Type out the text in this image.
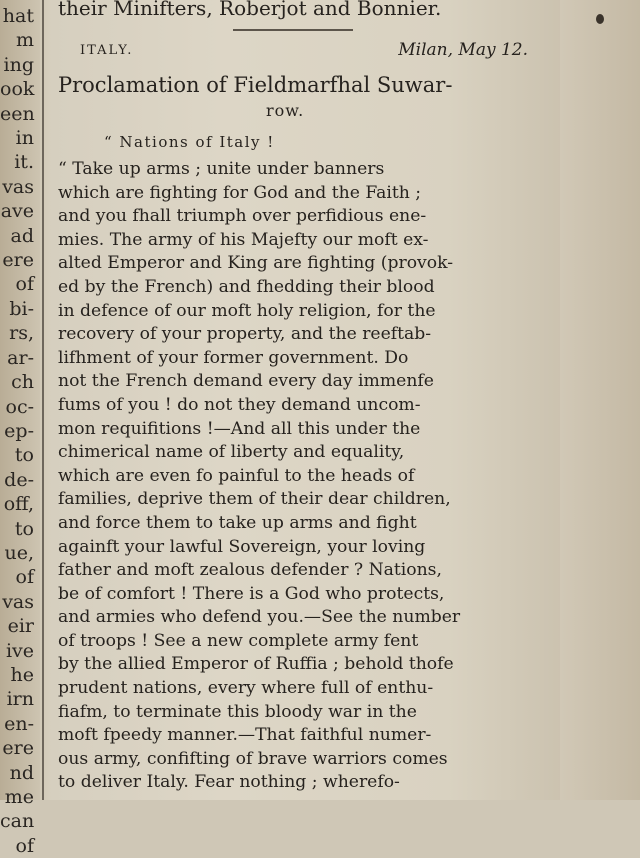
hat
m
ing
ook
een
in
it.
vas
ave
ad
ere
of
bi-
rs,
ar-
ch
oc-
ep-
to
de-
off,
to
ue,
of
vas
eir
ive
he
irn
en-
ere
nd
me
can
of
their Minifters, Roberjot and Bonnier.
ITALY.	Milan, May 12.
Proclamation of Fieldmarfhal Suwar-
row.
“ Nations of Italy !
“ Take up arms ; unite under banners
which are fighting for God and the Faith ;
and you fhall triumph over perfidious ene-
mies. The army of his Majefty our moft ex-
alted Emperor and King are fighting (provok-
ed by the French) and fhedding their blood
in defence of our moft holy religion, for the
recovery of your property, and the reeftab-
lifhment of your former government. Do
not the French demand every day immenfe
fums of you ! do not they demand uncom-
mon requifitions !—And all this under the
chimerical name of liberty and equality,
which are even fo painful to the heads of
families, deprive them of their dear children,
and force them to take up arms and fight
againft your lawful Sovereign, your loving
father and moft zealous defender ? Nations,
be of comfort ! There is a God who protects,
and armies who defend you.—See the number
of troops ! See a new complete army fent
by the allied Emperor of Ruffia ; behold thofe
prudent nations, every where full of enthu-
fiafm, to terminate this bloody war in the
moft fpeedy manner.—That faithful numer-
ous army, confifting of brave warriors comes
to deliver Italy. Fear nothing ; wherefo-
